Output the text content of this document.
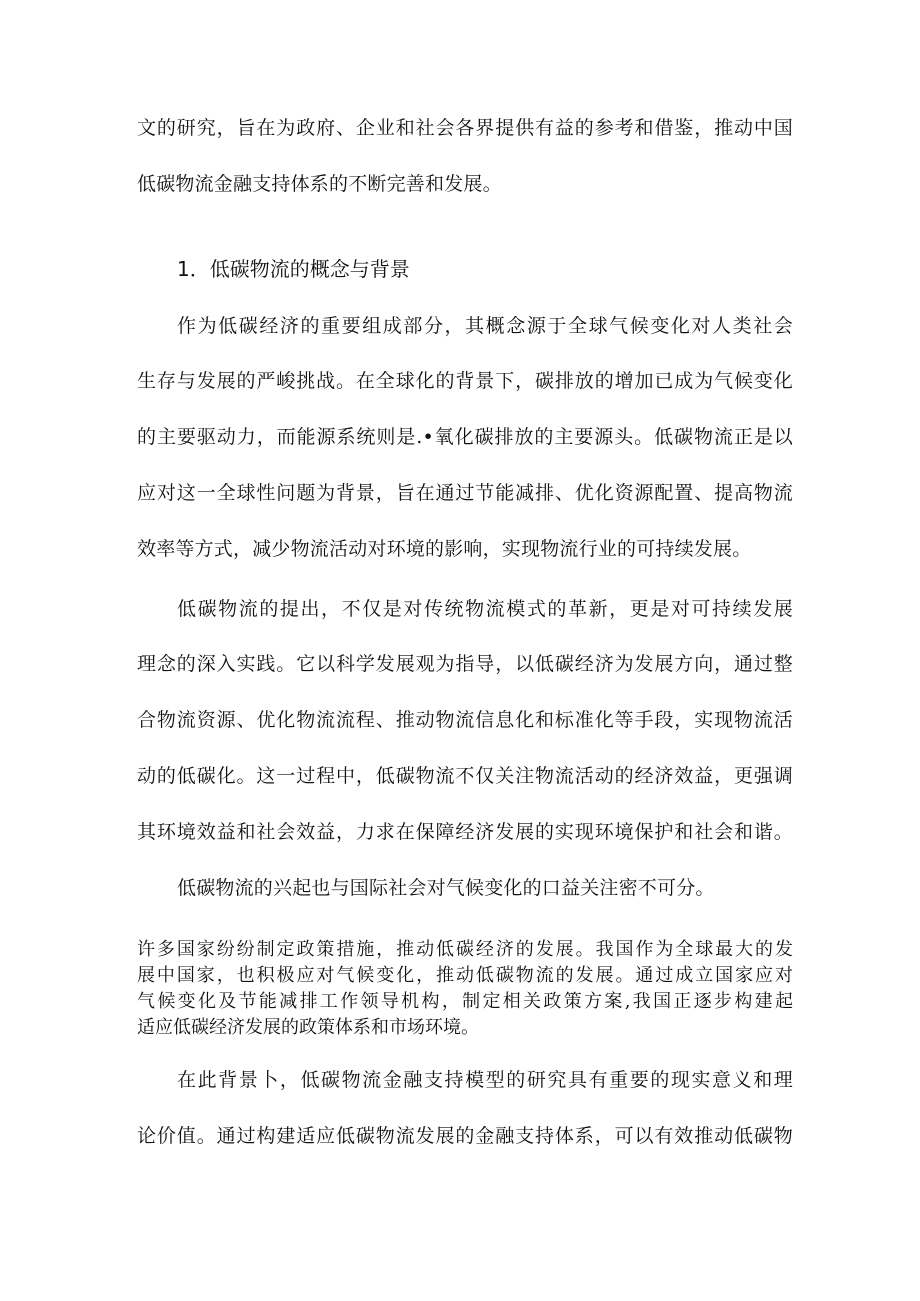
文的研究，旨在为政府、企业和社会各界提供有益的参考和借鉴，推动中国
低碳物流金融支持体系的不断完善和发展。
1．低碳物流的概念与背景
作为低碳经济的重要组成部分，其概念源于全球气候变化对人类社会
生存与发展的严峻挑战。在全球化的背景下，碳排放的增加已成为气候变化
的主要驱动力，而能源系统则是.•氧化碳排放的主要源头。低碳物流正是以
应对这一全球性问题为背景，旨在通过节能减排、优化资源配置、提高物流
效率等方式，减少物流活动对环境的影响，实现物流行业的可持续发展。
低碳物流的提出，不仅是对传统物流模式的革新，更是对可持续发展
理念的深入实践。它以科学发展观为指导，以低碳经济为发展方向，通过整
合物流资源、优化物流流程、推动物流信息化和标准化等手段，实现物流活
动的低碳化。这一过程中，低碳物流不仅关注物流活动的经济效益，更强调
其环境效益和社会效益，力求在保障经济发展的实现环境保护和社会和谐。
低碳物流的兴起也与国际社会对气候变化的口益关注密不可分。
许多国家纷纷制定政策措施，推动低碳经济的发展。我国作为全球最大的发
展中国家，也积极应对气候变化，推动低碳物流的发展。通过成立国家应对
气候变化及节能减排工作领导机构，制定相关政策方案,我国正逐步构建起
适应低碳经济发展的政策体系和市场环境。
在此背景卜，低碳物流金融支持模型的研究具有重要的现实意义和理
论价值。通过构建适应低碳物流发展的金融支持体系，可以有效推动低碳物
